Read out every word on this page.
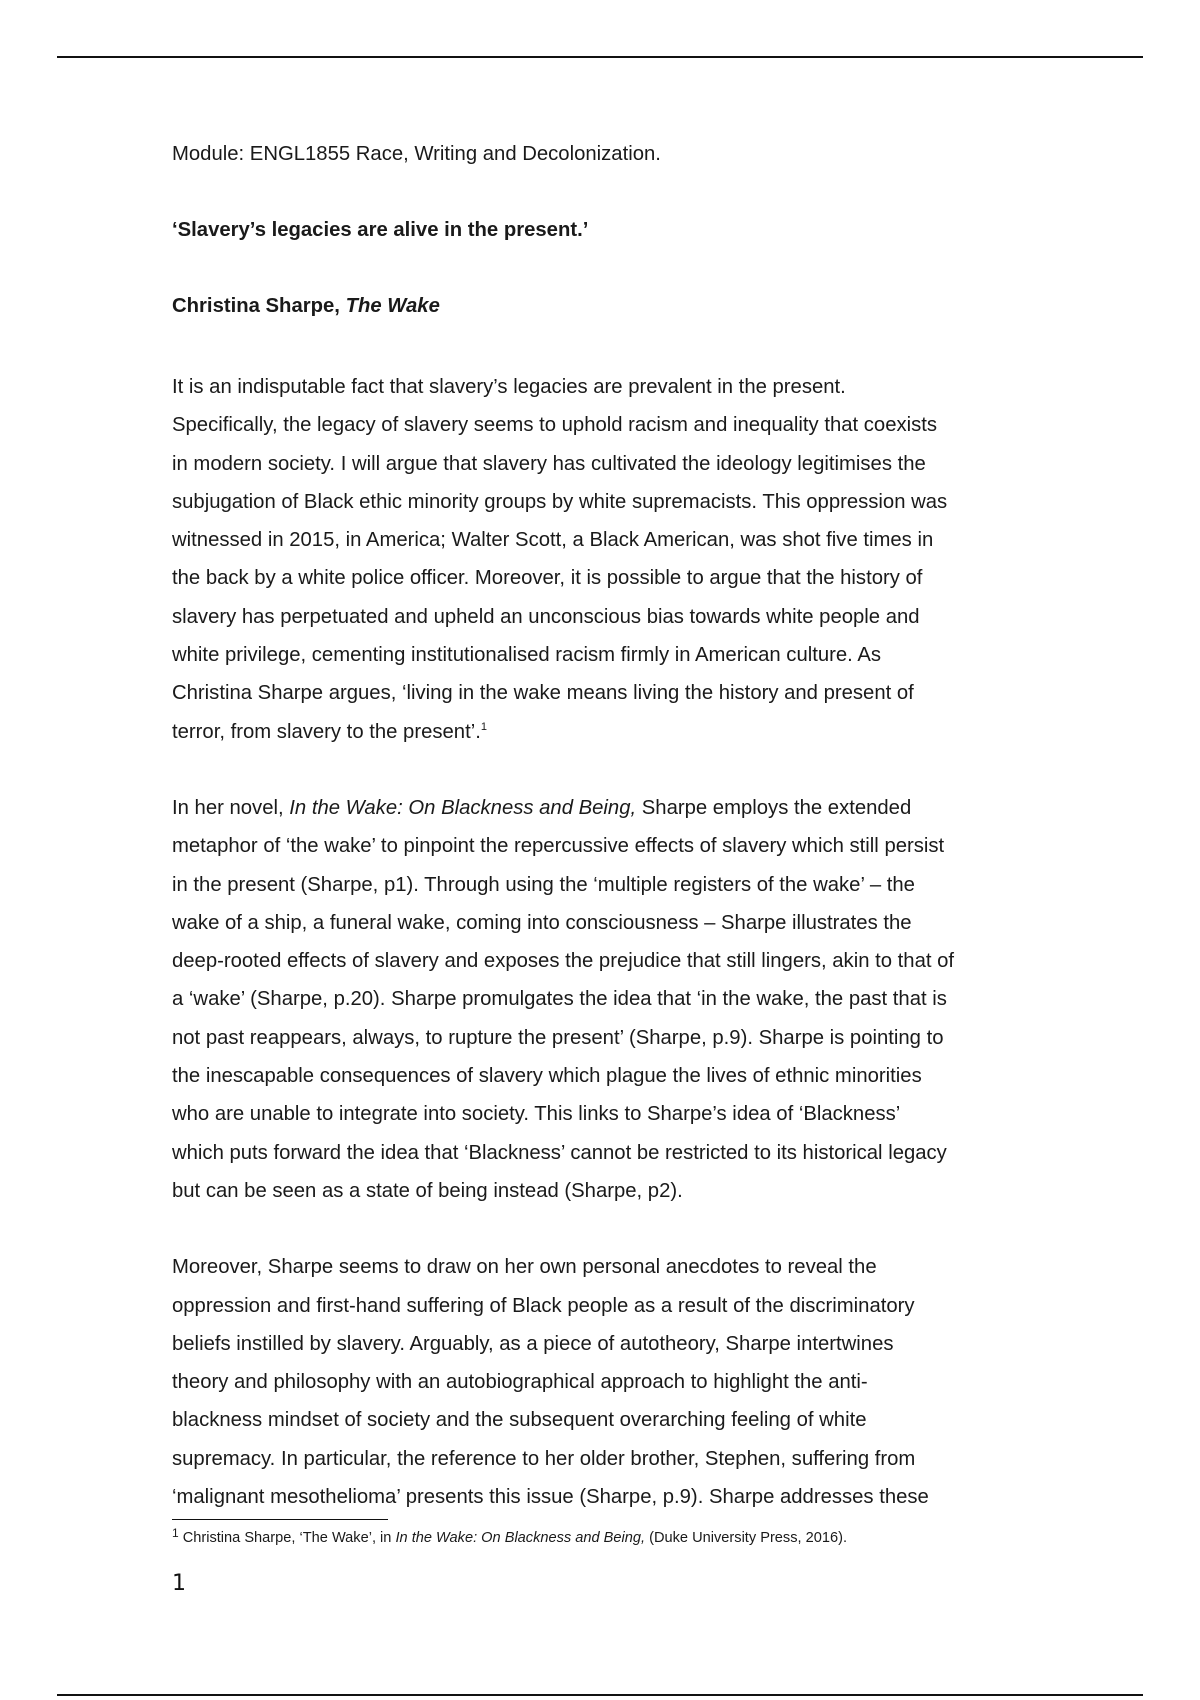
Module: ENGL1855 Race, Writing and Decolonization.

‘Slavery’s legacies are alive in the present.’

Christina Sharpe, The Wake

It is an indisputable fact that slavery’s legacies are prevalent in the present.

Specifically, the legacy of slavery seems to uphold racism and inequality that coexists

in modern society. I will argue that slavery has cultivated the ideology legitimises the

subjugation of Black ethic minority groups by white supremacists. This oppression was

witnessed in 2015, in America; Walter Scott, a Black American, was shot five times in

the back by a white police officer. Moreover, it is possible to argue that the history of

slavery has perpetuated and upheld an unconscious bias towards white people and

white privilege, cementing institutionalised racism firmly in American culture. As

Christina Sharpe argues, ‘living in the wake means living the history and present of

terror, from slavery to the present’.$^1$

In her novel, In the Wake: On Blackness and Being, Sharpe employs the extended

metaphor of ‘the wake’ to pinpoint the repercussive effects of slavery which still persist

in the present (Sharpe, p1). Through using the ‘multiple registers of the wake’ – the

wake of a ship, a funeral wake, coming into consciousness – Sharpe illustrates the

deep-rooted effects of slavery and exposes the prejudice that still lingers, akin to that of

a ‘wake’ (Sharpe, p.20). Sharpe promulgates the idea that ‘in the wake, the past that is

not past reappears, always, to rupture the present’ (Sharpe, p.9). Sharpe is pointing to

the inescapable consequences of slavery which plague the lives of ethnic minorities

who are unable to integrate into society. This links to Sharpe’s idea of ‘Blackness’

which puts forward the idea that ‘Blackness’ cannot be restricted to its historical legacy

but can be seen as a state of being instead (Sharpe, p2).

Moreover, Sharpe seems to draw on her own personal anecdotes to reveal the

oppression and first-hand suffering of Black people as a result of the discriminatory

beliefs instilled by slavery. Arguably, as a piece of autotheory, Sharpe intertwines

theory and philosophy with an autobiographical approach to highlight the anti-

blackness mindset of society and the subsequent overarching feeling of white

supremacy. In particular, the reference to her older brother, Stephen, suffering from

‘malignant mesothelioma’ presents this issue (Sharpe, p.9). Sharpe addresses these

$^1$ Christina Sharpe, ‘The Wake’, in In the Wake: On Blackness and Being, (Duke University Press, 2016).
1
